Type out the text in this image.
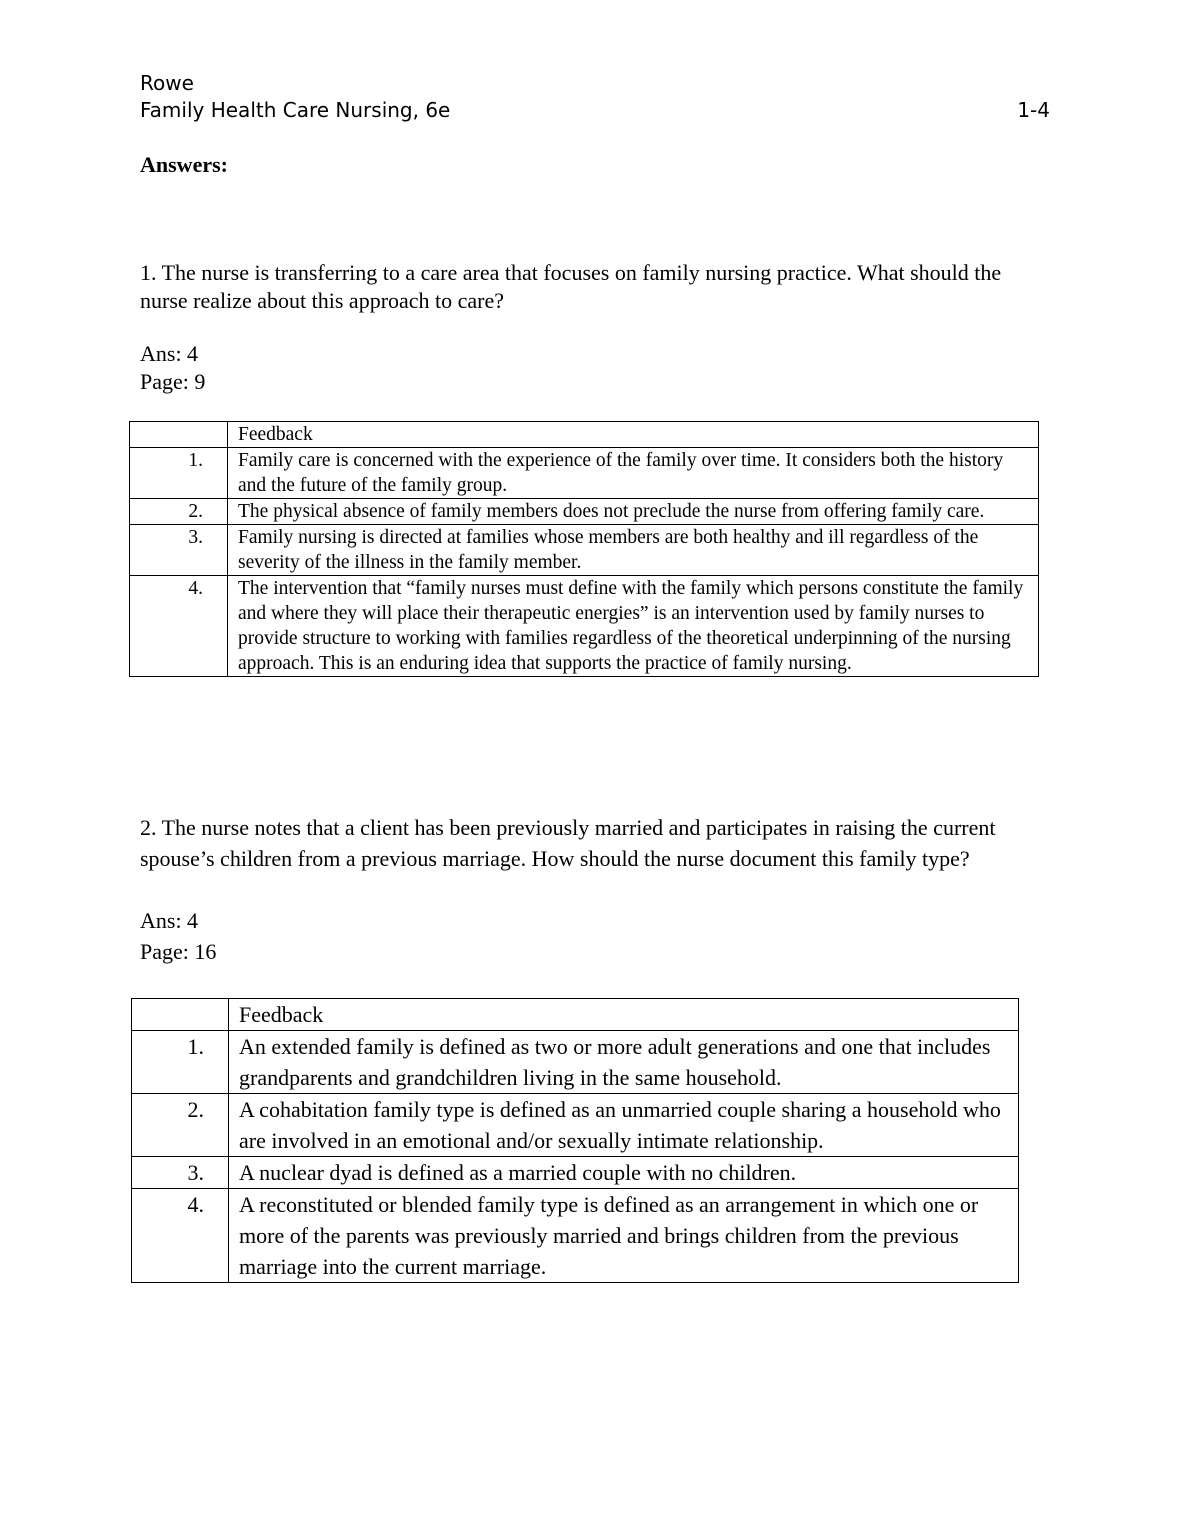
Rowe
Family Health Care Nursing, 6e	1-4
Answers:
1. The nurse is transferring to a care area that focuses on family nursing practice. What should the nurse realize about this approach to care?
Ans: 4
Page: 9
	Feedback
1.	Family care is concerned with the experience of the family over time. It considers both the history and the future of the family group.
2.	The physical absence of family members does not preclude the nurse from offering family care.
3.	Family nursing is directed at families whose members are both healthy and ill regardless of the severity of the illness in the family member.
4.	The intervention that “family nurses must define with the family which persons constitute the family and where they will place their therapeutic energies” is an intervention used by family nurses to provide structure to working with families regardless of the theoretical underpinning of the nursing approach. This is an enduring idea that supports the practice of family nursing.
2. The nurse notes that a client has been previously married and participates in raising the current spouse’s children from a previous marriage. How should the nurse document this family type?
Ans: 4
Page: 16
	Feedback
1.	An extended family is defined as two or more adult generations and one that includes grandparents and grandchildren living in the same household.
2.	A cohabitation family type is defined as an unmarried couple sharing a household who are involved in an emotional and/or sexually intimate relationship.
3.	A nuclear dyad is defined as a married couple with no children.
4.	A reconstituted or blended family type is defined as an arrangement in which one or more of the parents was previously married and brings children from the previous marriage into the current marriage.
